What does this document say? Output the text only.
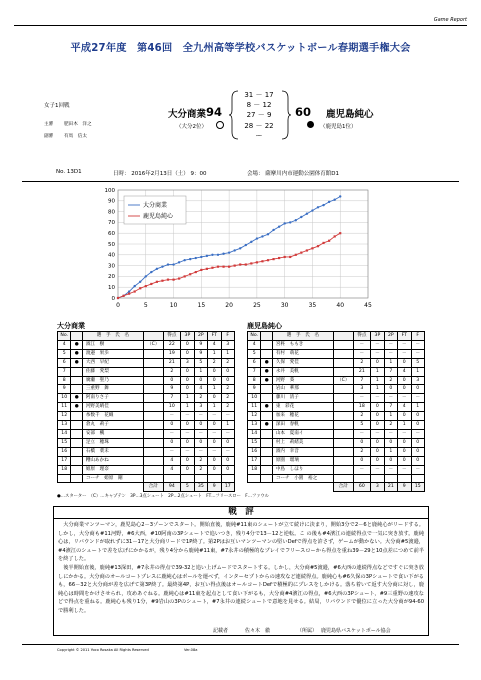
Game Report
平成27年度　第46回　全九州高等学校バスケットボール春期選手権大会
女子1回戦
主審 肥田木　洋之
副審 有馬　信太
大分商業 94
（大分2位）
31 － 17
8 － 12
27 － 9
28 － 22
ー
60 鹿児島純心
（鹿児島1位）
No. 13D1	日時： 2016年2月13日（土） 9：00	会場： 薩摩川内市運動公園体育館D1
0
10
20
30
40
50
60
70
80
90
100
0	5	10	15	20	25	30	35	40	45
大分商業
鹿児島純心
大分商業	鹿児島純心
No.		選　手　氏　名		得点	3P	2P	FT	F
4	●	濱江　樹	（C）	22	0	9	4	3
5	●	渡邉　果歩		19	0	9	1	1
6	●	大西　早紀		21	3	5	2	2
7		佐藤　愛梨		2	0	1	0	0
8		廣瀬　聖乃		0	0	0	0	0
9		三重野　舞		9	0	4	1	2
10	●	阿南りさ子		7	1	2	0	2
11	●	河野美晴佳		10	1	3	1	2
12		糸数千　花織		－	－	－	－	－
13		倉丸　莉子		0	0	0	0	1
14		安部　楓		－	－	－	－	－
15		足立　穂珠		0	0	0	0	0
16		石橋　菜未		－	－	－	－	－
17		糟山あかね		4	0	2	0	0
18		姫原　理奈		4	0	2	0	0
		コーチ　姫原　剛						
			合計	94	5	35	9	17
No.		選　手　氏　名		得点	3P	2P	FT	F
4		宮柊　ももき		－	－	－	－	－
5		有村　萌花		－	－	－	－	－
6	●	久保　愛佳		2	0	1	0	5
7	●	永井　美帆		21	1	7	4	1
8	●	河野　葵	（C）	7	1	2	0	3
9		岩山　華那		3	1	0	0	0
10		藤川　清子		－	－	－	－	－
11	●	東　彩花		18	0	7	4	1
12		加来　穂花		2	0	1	0	0
13	●	深田　春帆		5	0	2	1	0
14		山本　夏南イ		－	－	－	－	－
15		村上　莉緒美		0	0	0	0	0
16		濱内　幸音		2	0	1	0	0
17		原園　瑠璃		0	0	0	0	0
18		中島　しほり		－	－	－	－	－
		コーチ　小園　裕之						
			合計	60	3	21	9	15
●…スターター　（C）…キャプテン　3P…3点シュート　2P…2点シュート　FT…フリースロー　F…ファウル
戦　評
　大分商業マンツーマン，鹿児島心2－3ゾーンでスタート。開始直後，鹿純#11東のシュートが立て続けに決まり，開始3分で2－6と鹿純心がリードする。しかし，大分商も#11河野，#6大西，#10阿南の3Pシュートで追いつき，残り4分で13－12と逆転。こ の後も#4濱江の連続得点で一気に突き放す。鹿純心は，リバウンドが取れずに31－17と大分商リードで1P終了。第2Pはお互いマンツーマンの堅いDefで得点を許さず，ゲームが動かない。大分商#5渡邉，#4濱江のシュートで差を広げにかかるが，残り4分から鹿純#11東，#7永井の積極的なプレイでフリースローから得点を重ね39－29と10点差につめて前半を終了した。
　後半開始直後，鹿純#13深田，#7永井の得点で39-32と追い上げムードでスタートする。しかし，大分商#5渡邉，#6大西の連続得点などですぐに突き放しにかかる。大分商のオールコートプレスに鹿純心はボールを運べず，インターセプトからの速攻など連続得点。鹿純心も#6久保の3Pシュートで食い下がるも，66－32と大分商が差を広げて第3P終了。最終第4P，お互い得点後はオールコートDefで積極的にプレスをしかける。落ち着いて返す大分商に対し，鹿純心は時間をかけさせられ，攻めあぐねる。鹿純心は#11東を起点として食い下がるも，大分商#4濱江の得点，#6大西の3Pシュート，#9三重野の速攻などで得点を重ねる。鹿純心も残り1分，#9岩山の3Pのシュート，#7永井の連続シュートで意地を見せる。結局，リバウンドで優位に立った大分商が94-60で勝利した。
記載者	佐々木　徹	（所属） 鹿児島県バスケットボール協会
Copyright © 2011 Yoco Rosaka All Rights Reserved	Ver.08a
